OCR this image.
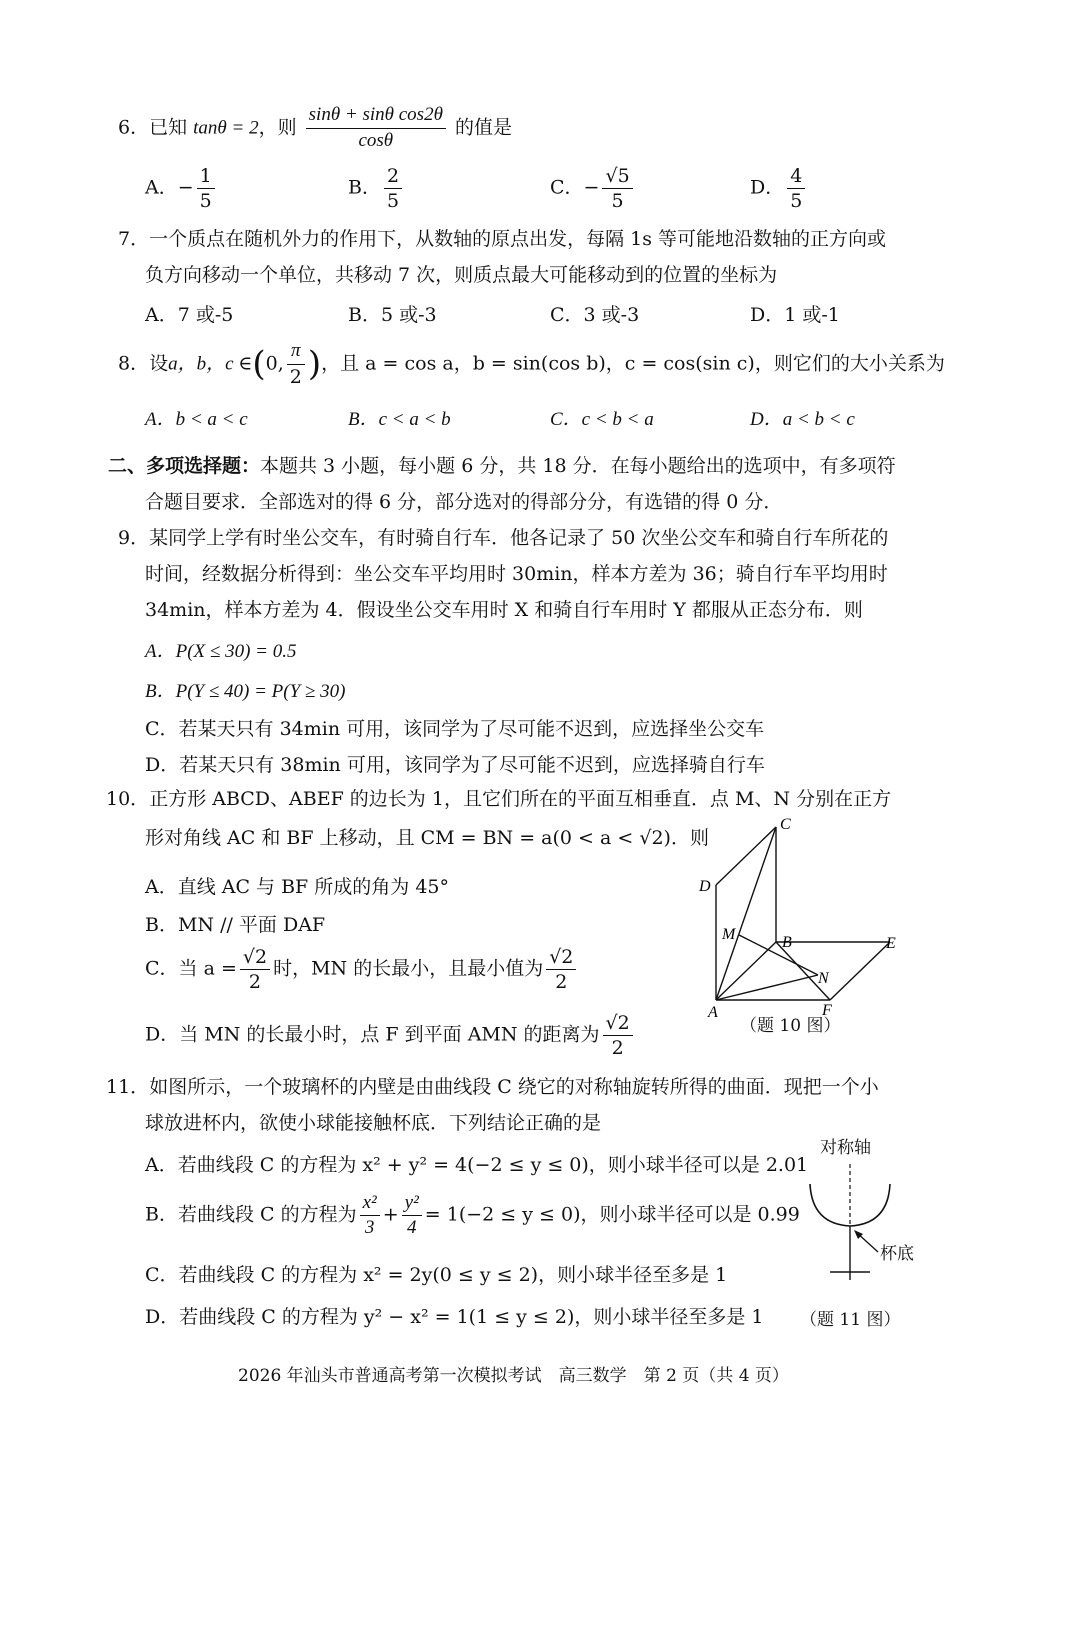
6．已知 tanθ = 2，则 $\frac{\text{sinθ + sinθ cos2θ}}{\cos\theta}$ 的值是
A．− $\frac{1}{5}$	B． $\frac{2}{5}$	C．− $\frac{√5}{5}$	D． $\frac{4}{5}$
7．一个质点在随机外力的作用下，从数轴的原点出发，每隔 1s 等可能地沿数轴的正方向或
负方向移动一个单位，共移动 7 次，则质点最大可能移动到的位置的坐标为
A．7 或-5	B．5 或-3	C．3 或-3	D．1 或-1
8．设a，b，c ∈(0, $\frac{\pi}{2}$ )，且 a = cos a，b = sin(cos b)，c = cos(sin c)，则它们的大小关系为
A．b < a < c	B．c < a < b	C．c < b < a	D．a < b < c
二、多项选择题：本题共 3 小题，每小题 6 分，共 18 分．在每小题给出的选项中，有多项符
合题目要求．全部选对的得 6 分，部分选对的得部分分，有选错的得 0 分．
9．某同学上学有时坐公交车，有时骑自行车．他各记录了 50 次坐公交车和骑自行车所花的
时间，经数据分析得到：坐公交车平均用时 30min，样本方差为 36；骑自行车平均用时
34min，样本方差为 4．假设坐公交车用时 X 和骑自行车用时 Y 都服从正态分布．则
A．P(X ≤ 30) = 0.5
B．P(Y ≤ 40) = P(Y ≥ 30)
C．若某天只有 34min 可用，该同学为了尽可能不迟到，应选择坐公交车
D．若某天只有 38min 可用，该同学为了尽可能不迟到，应选择骑自行车
10．正方形 ABCD、ABEF 的边长为 1，且它们所在的平面互相垂直．点 M、N 分别在正方
形对角线 AC 和 BF 上移动，且 CM = BN = a(0 < a < √2)．则
A．直线 AC 与 BF 所成的角为 45°
B．MN // 平面 DAF
C．当 $a = \frac{√2}{2}$ 时，MN 的长最小，且最小值为 $\frac{√2}{2}$
D．当 MN 的长最小时，点 F 到平面 AMN 的距离为 $\frac{√2}{2}$
C
D
M	B	E
N
A	F
（题 10 图）
11．如图所示，一个玻璃杯的内壁是由曲线段 C 绕它的对称轴旋转所得的曲面．现把一个小
球放进杯内，欲使小球能接触杯底．下列结论正确的是
A．若曲线段 C 的方程为 x² + y² = 4(−2 ≤ y ≤ 0)，则小球半径可以是 2.01
B．若曲线段 C 的方程为 $\frac{\text{x²}}{3} + \frac{\text{y²}}{4} = 1(-2 \le y \le 0)$，则小球半径可以是 0.99
C．若曲线段 C 的方程为 x² = 2y(0 ≤ y ≤ 2)，则小球半径至多是 1
D．若曲线段 C 的方程为 y² − x² = 1(1 ≤ y ≤ 2)，则小球半径至多是 1
对称轴
杯底
（题 11 图）
2026 年汕头市普通高考第一次模拟考试　高三数学　第 2 页（共 4 页）
